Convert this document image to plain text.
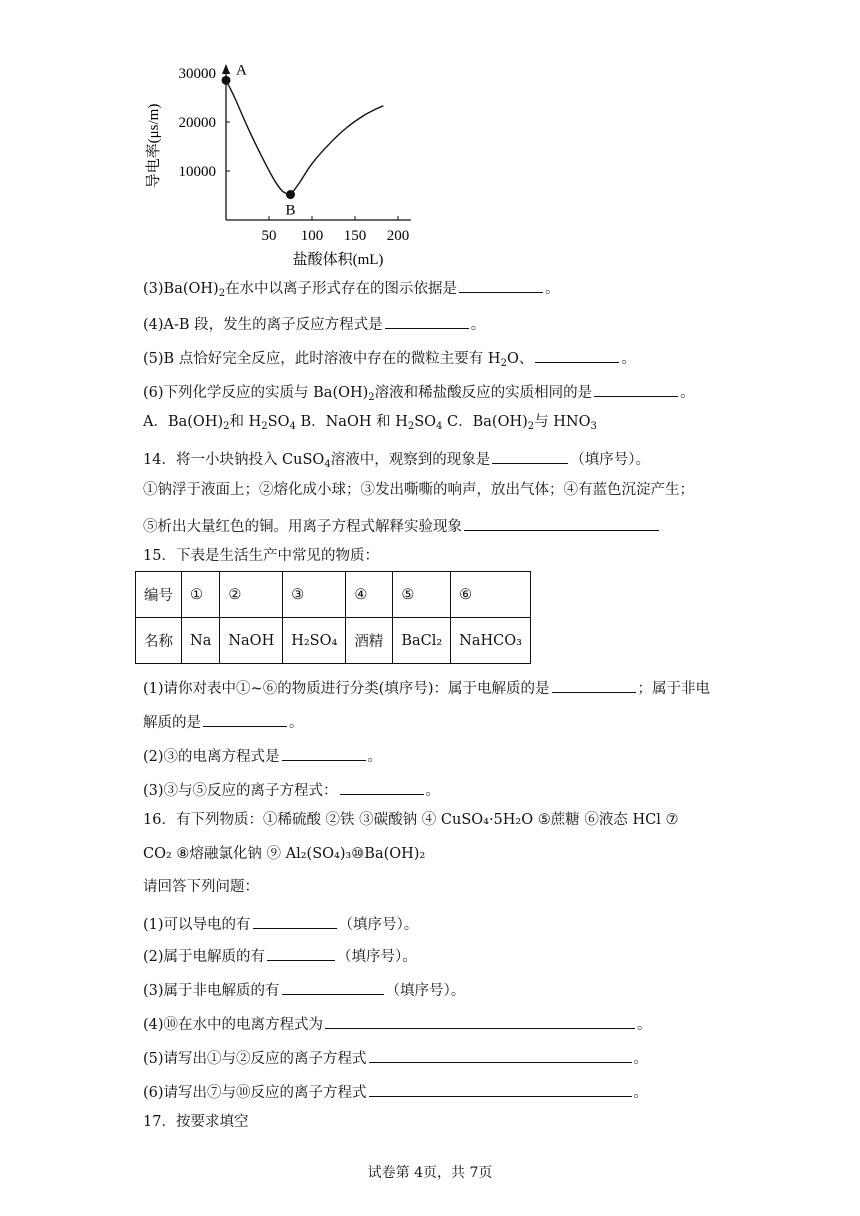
10000
20000
30000
50 100 150 200
导电率(μs/m)
盐酸体积(mL)
A
B
$(3)Ba(OH)_2$在水中以离子形式存在的图示依据是	。
(4)A-B 段，发生的离子反应方程式是	。
(5)B 点恰好完全反应，此时溶液中存在的微粒主要有 $H_2O$、	。
(6)下列化学反应的实质与 $Ba(OH)_2$溶液和稀盐酸反应的实质相同的是	。
A．$Ba(OH)_2$和 $H_2SO_4$ B．NaOH 和 $H_2SO_4$ C．$Ba(OH)_2$与 $HNO_3$
14．将一小块钠投入 CuSO$_4$溶液中，观察到的现象是	（填序号）。
①钠浮于液面上；②熔化成小球；③发出嘶嘶的响声，放出气体；④有蓝色沉淀产生；
⑤析出大量红色的铜。用离子方程式解释实验现象
15．下表是生活生产中常见的物质：
编号	①	②	③	④	⑤	⑥
名称	Na	NaOH	H₂SO₄	酒精	BaCl₂	NaHCO₃
(1)请你对表中①~⑥的物质进行分类(填序号)：属于电解质的是	；属于非电
解质的是	。
(2)③的电离方程式是	。
(3)③与⑤反应的离子方程式：	。
16．有下列物质：①稀硫酸 ②铁 ③碳酸钠 ④ CuSO₄·5H₂O ⑤蔗糖 ⑥液态 HCl ⑦
CO₂ ⑧熔融氯化钠 ⑨ Al₂(SO₄)₃⑩Ba(OH)₂
请回答下列问题：
(1)可以导电的有	（填序号）。
(2)属于电解质的有	（填序号）。
(3)属于非电解质的有	（填序号）。
(4)⑩在水中的电离方程式为	。
(5)请写出①与②反应的离子方程式	。
(6)请写出⑦与⑩反应的离子方程式	。
17．按要求填空
试卷第 4页，共 7页
